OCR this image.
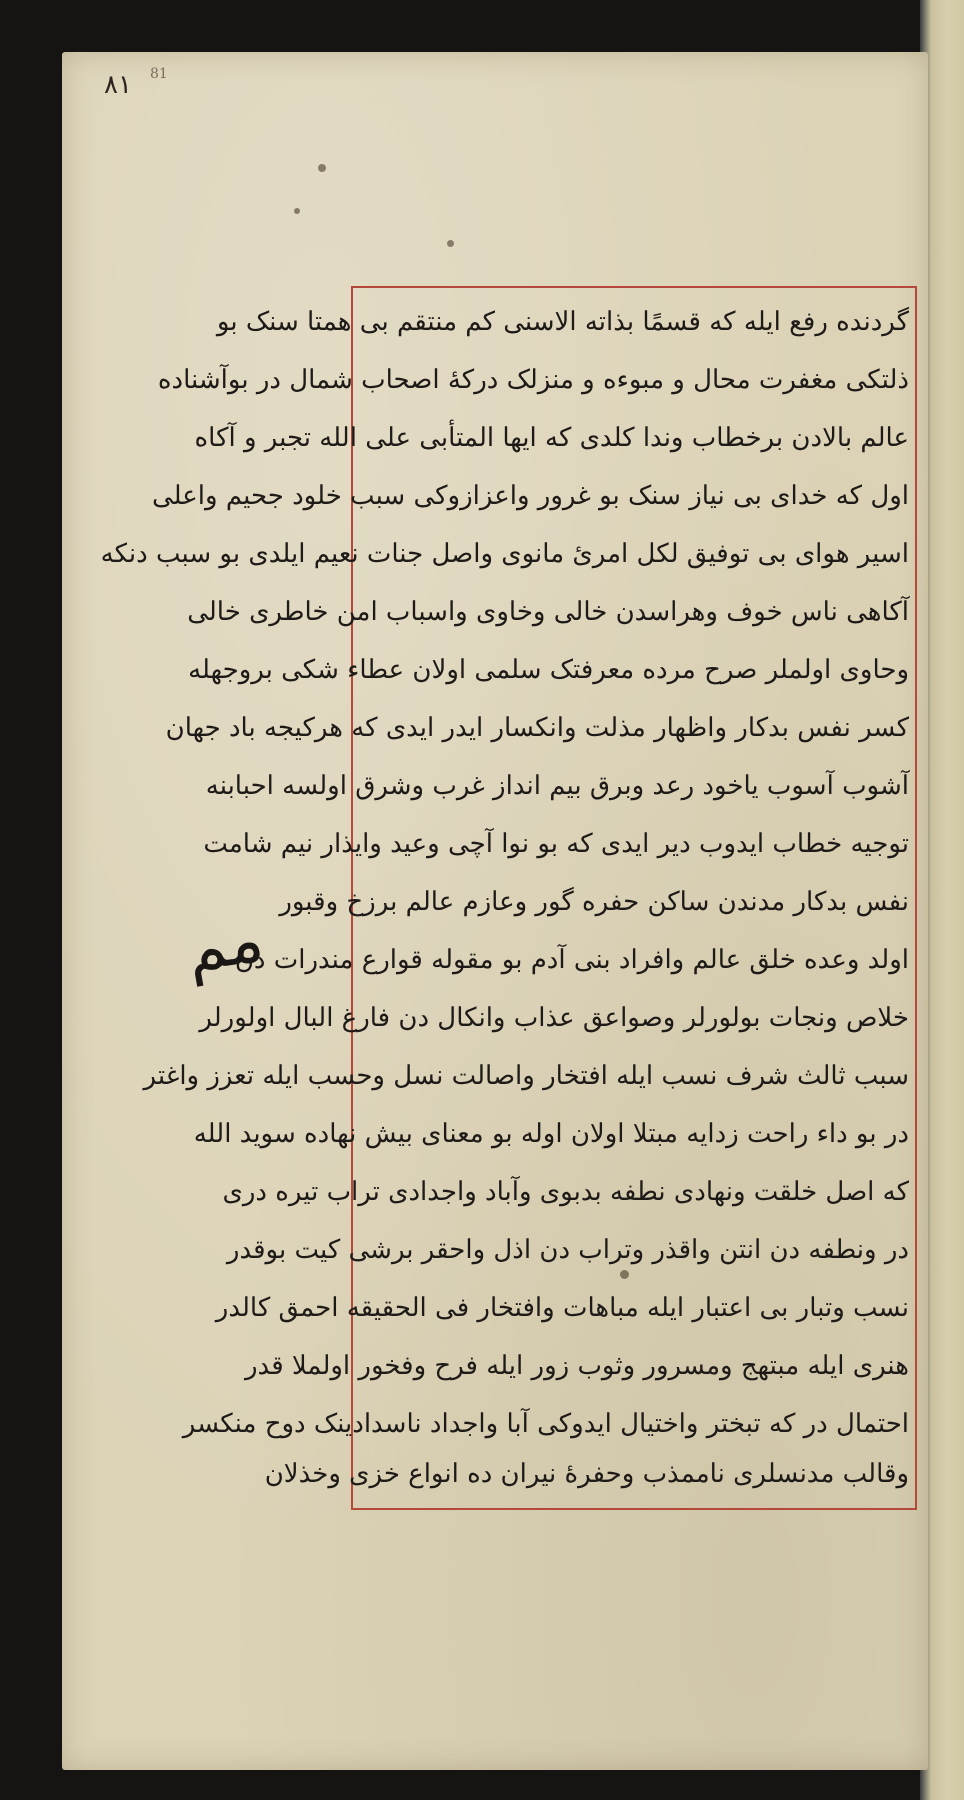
٨١ 81
مم
گردنده رفع ایله که قسمًا بذاته الاسنی کم منتقم بی همتا سنک بو
ذلتکی مغفرت محال و مبوءه و منزلک دركهٔ اصحاب شمال در بوآشناده
عالم بالادن برخطاب وندا کلدی که ایها المتأبی علی الله تجبر و آکاه
اول که خدای بی نیاز سنک بو غرور واعزازوکی سبب خلود جحیم واعلی
اسیر هوای بی توفیق لکل امرئ مانوی واصل جنات نعیم ایلدی بو سبب دنکه
آکاهی ناس خوف وهراسدن خالی وخاوی واسباب امن خاطری خالی
وحاوی اولملر صرح مرده معرفتک سلمی اولان عطاء شکی بروجهله
کسر نفس بدکار واظهار مذلت وانکسار ایدر ایدی که هرکیجه باد جهان
آشوب آسوب یاخود رعد وبرق بیم انداز غرب وشرق اولسه احبابنه
توجیه خطاب ایدوب دیر ایدی که بو نوا آچی وعید وایذار نیم شامت
نفس بدکار مدندن ساکن حفره گور وعازم عالم برزخ وقبور
اولد وعده خلق عالم وافراد بنی آدم بو مقوله قوارع مندرات دن
خلاص ونجات بولورلر وصواعق عذاب وانکال دن فارغ البال اولورلر
سبب ثالث شرف نسب ایله افتخار واصالت نسل وحسب ایله تعزز واغتر
در بو داء راحت زدایه مبتلا اولان اوله بو معنای بیش نهاده سوید الله
که اصل خلقت ونهادی نطفه بدبوی وآباد واجدادی تراب تیره دری
در ونطفه دن انتن واقذر وتراب دن اذل واحقر برشی کیت بوقدر
نسب وتبار بی اعتبار ایله مباهات وافتخار فی الحقیقه احمق کالدر
هنری ایله مبتهج ومسرور وثوب زور ایله فرح وفخور اولملا قدر
احتمال در که تبختر واختیال ایدوکی آبا واجداد ناسدادینک دوح منکسر
وقالب مدنسلری ناممذب وحفرهٔ نیران ده انواع خزی وخذلان
